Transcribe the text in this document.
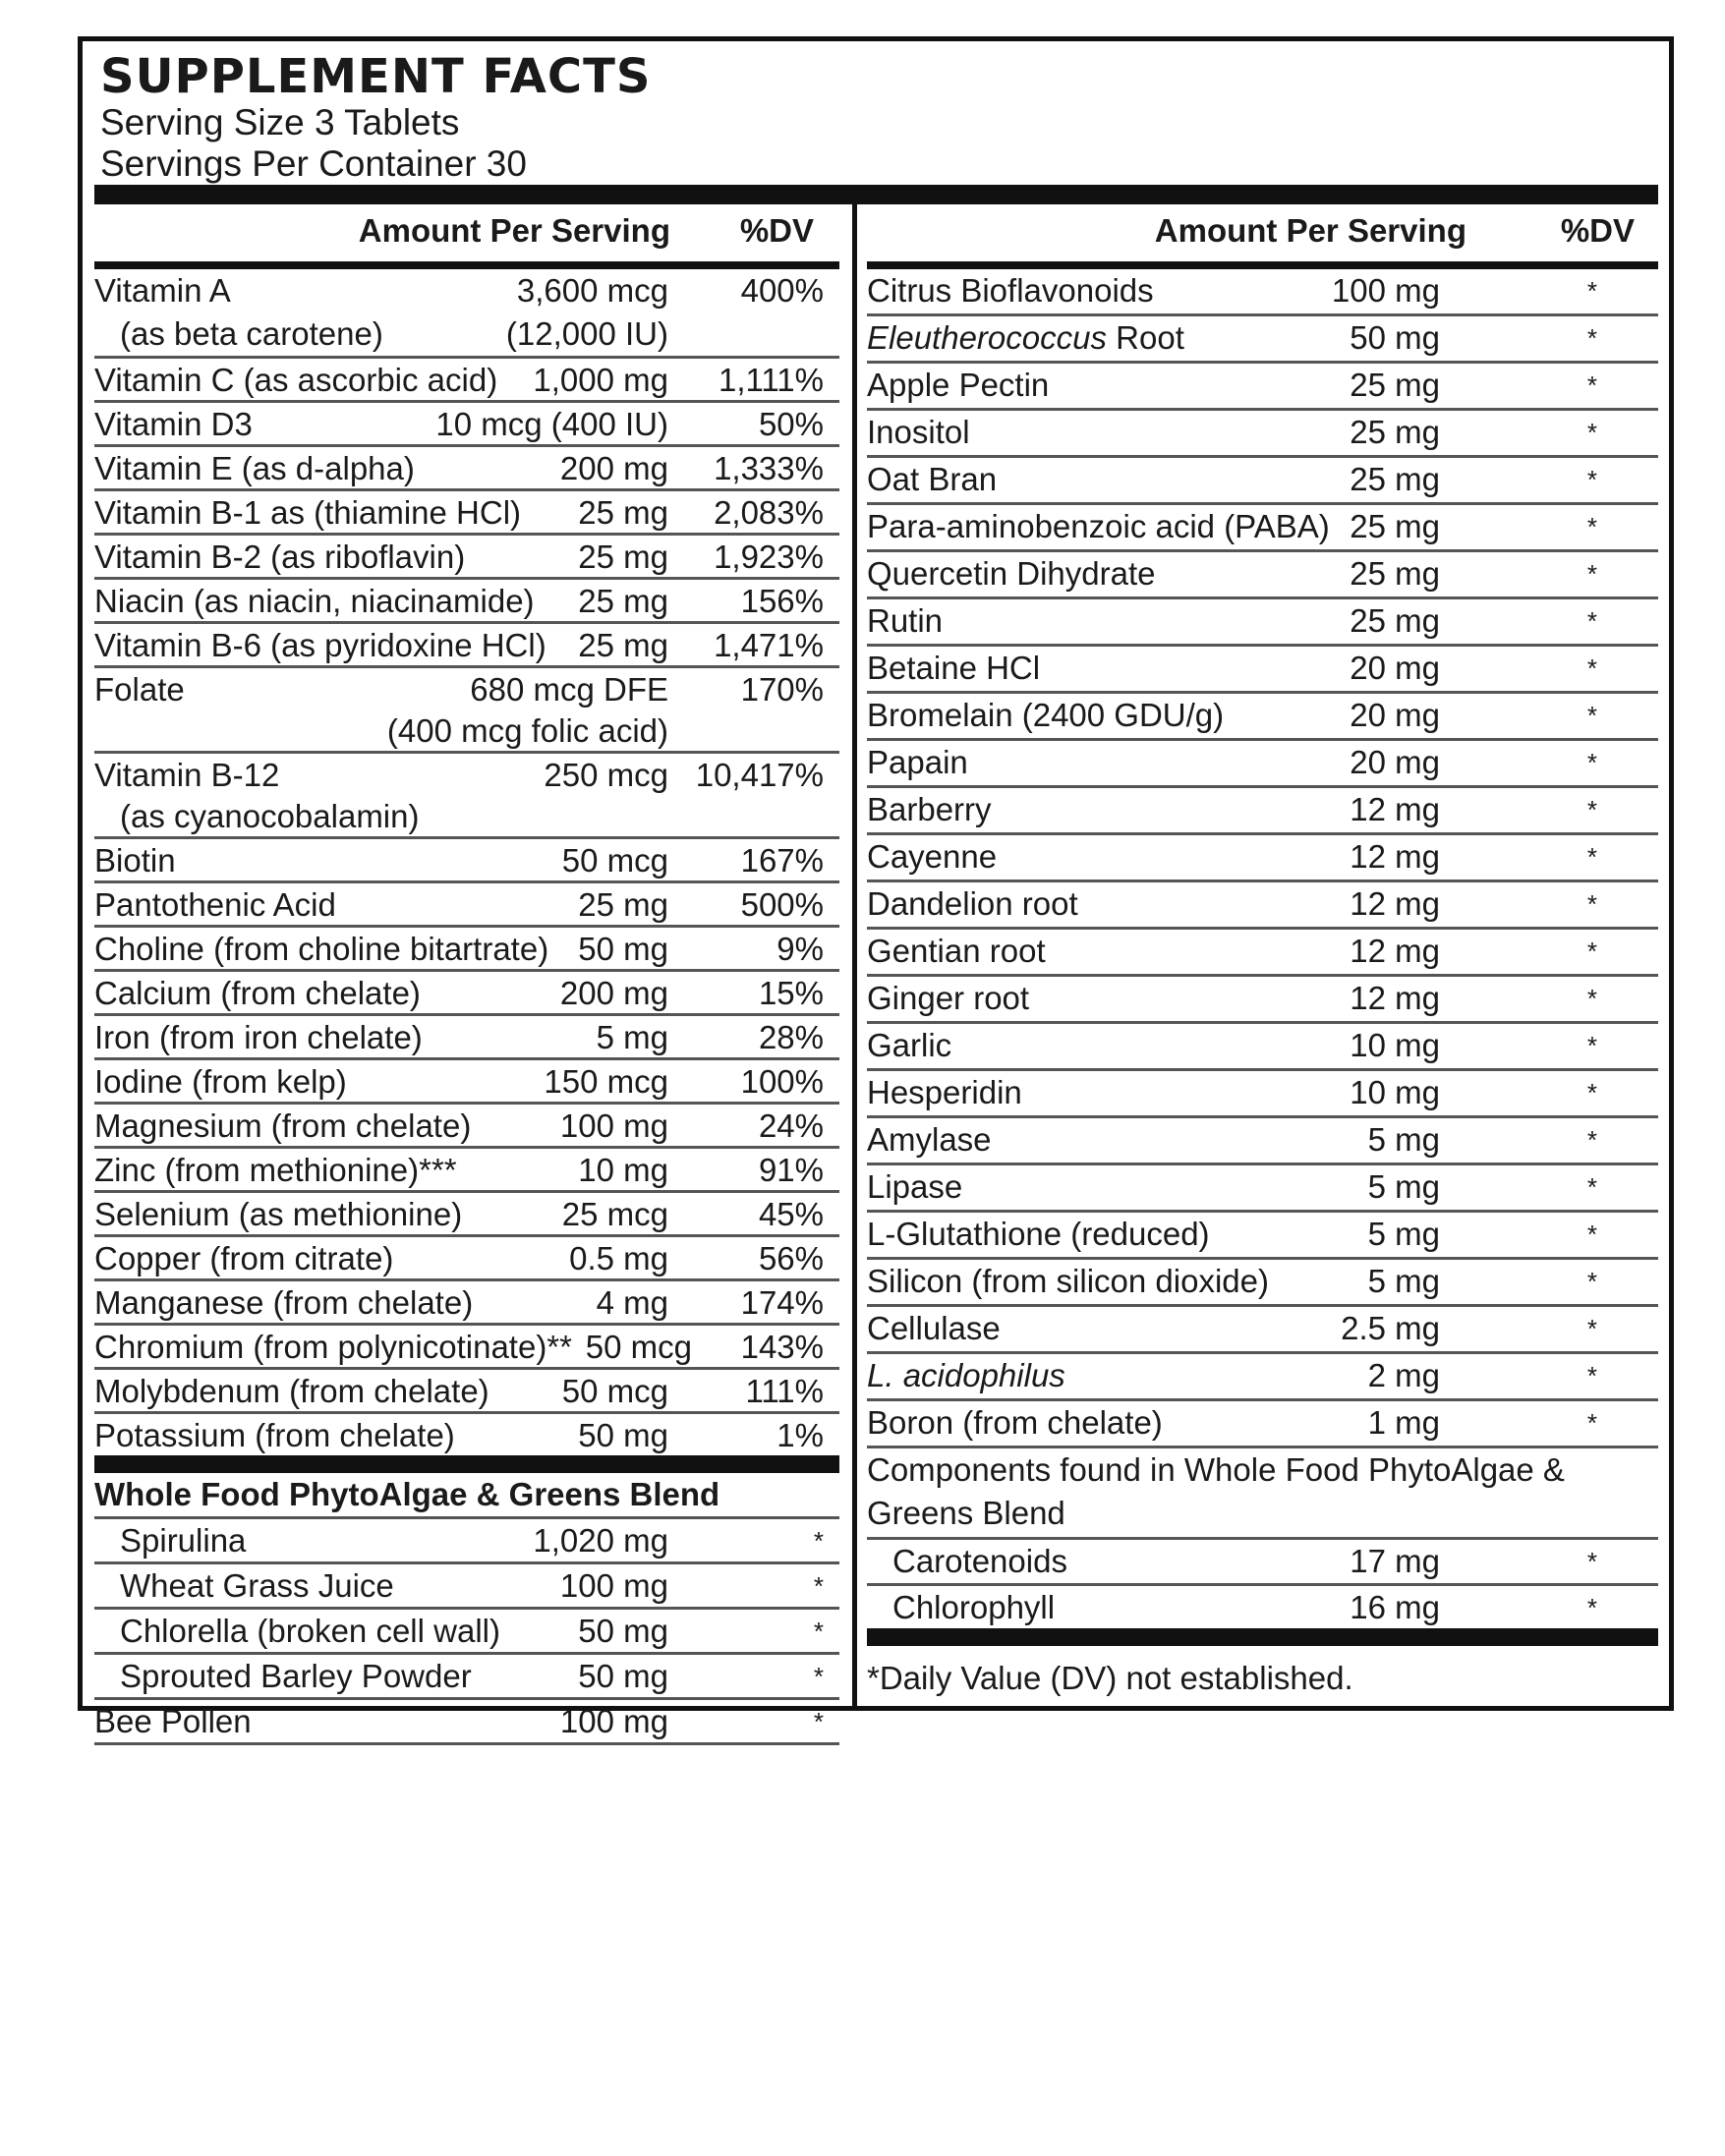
SUPPLEMENT FACTS
Serving Size 3 Tablets
Servings Per Container 30
Amount Per Serving %DV
Vitamin A	3,600 mcg 400%
(as beta carotene)	(12,000 IU)
Vitamin C (as ascorbic acid) 1,000 mg 1,111%
Vitamin D3	10 mcg (400 IU)	50%
Vitamin E (as d-alpha)	200 mg 1,333%
Vitamin B-1 as (thiamine HCl) 25 mg 2,083%
Vitamin B-2 (as riboflavin)	25 mg 1,923%
Niacin (as niacin, niacinamide) 25 mg 156%
Vitamin B-6 (as pyridoxine HCl) 25 mg 1,471%
Folate	680 mcg DFE 170%
(400 mcg folic acid)
Vitamin B-12	250 mcg 10,417%
(as cyanocobalamin)
Biotin	50 mcg 167%
Pantothenic Acid	25 mg 500%
Choline (from choline bitartrate) 50 mg	9%
Calcium (from chelate)	200 mg	15%
Iron (from iron chelate)	5 mg	28%
Iodine (from kelp)	150 mcg 100%
Magnesium (from chelate)	100 mg	24%
Zinc (from methionine)***	10 mg	91%
Selenium (as methionine)	25 mcg	45%
Copper (from citrate)	0.5 mg	56%
Manganese (from chelate)	4 mg 174%
Chromium (from polynicotinate)** 50 mcg 143%
Molybdenum (from chelate) 50 mcg 111%
Potassium (from chelate)	50 mg	1%
Whole Food PhytoAlgae & Greens Blend
Spirulina	1,020 mg	*
Wheat Grass Juice	100 mg	*
Chlorella (broken cell wall) 50 mg	*
Sprouted Barley Powder	50 mg	*
Bee Pollen	100 mg	*
Amount Per Serving	%DV
Citrus Bioflavonoids	100 mg	*
Eleutherococcus Root	50 mg	*
Apple Pectin	25 mg	*
Inositol	25 mg	*
Oat Bran	25 mg	*
Para-aminobenzoic acid (PABA) 25 mg	*
Quercetin Dihydrate	25 mg	*
Rutin	25 mg	*
Betaine HCl	20 mg	*
Bromelain (2400 GDU/g)	20 mg	*
Papain	20 mg	*
Barberry	12 mg	*
Cayenne	12 mg	*
Dandelion root	12 mg	*
Gentian root	12 mg	*
Ginger root	12 mg	*
Garlic	10 mg	*
Hesperidin	10 mg	*
Amylase	5 mg	*
Lipase	5 mg	*
L-Glutathione (reduced)	5 mg	*
Silicon (from silicon dioxide)	5 mg	*
Cellulase	2.5 mg	*
L. acidophilus	2 mg	*
Boron (from chelate)	1 mg	*
Components found in Whole Food PhytoAlgae &
Greens Blend
Carotenoids	17 mg	*
Chlorophyll	16 mg	*
*Daily Value (DV) not established.
